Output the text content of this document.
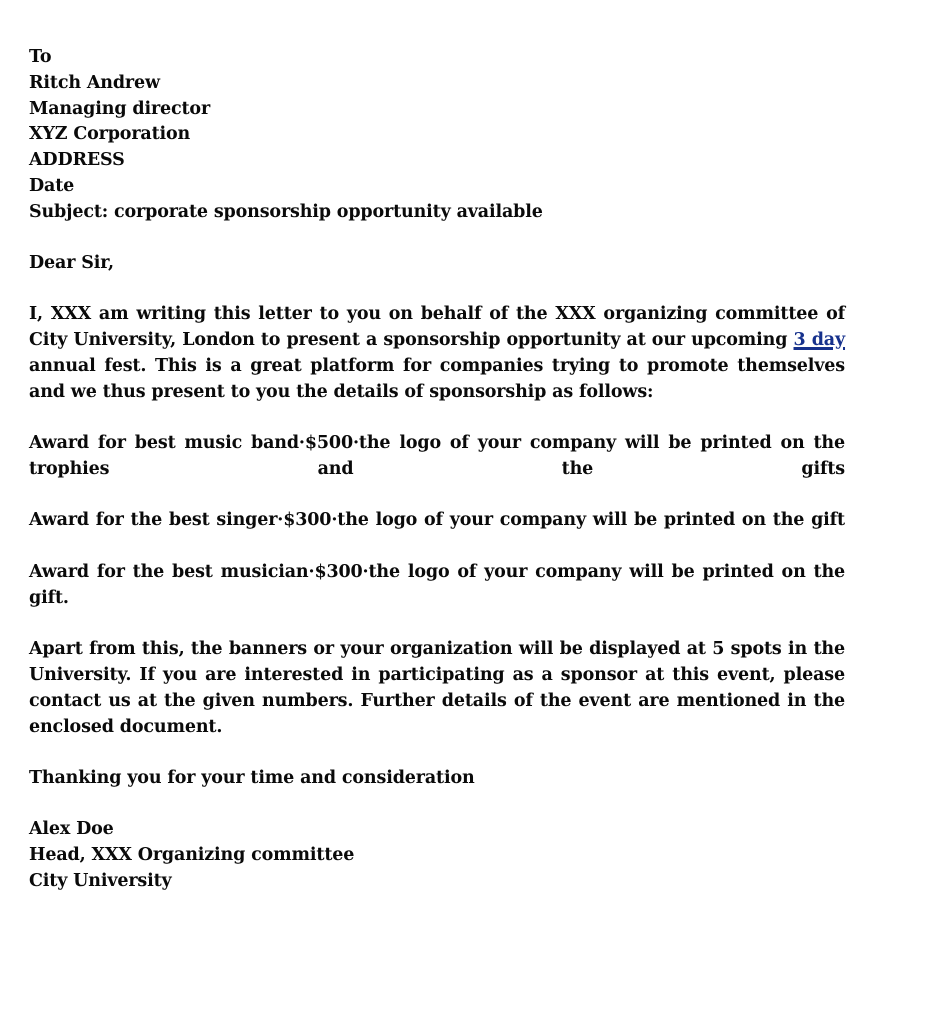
To
Ritch Andrew
Managing director
XYZ Corporation
ADDRESS
Date
Subject: corporate sponsorship opportunity available
Dear Sir,
I, XXX am writing this letter to you on behalf of the XXX organizing committee of City University, London to present a sponsorship opportunity at our upcoming 3 day annual fest. This is a great platform for companies trying to promote themselves and we thus present to you the details of sponsorship as follows:
Award for best music band·$500·the logo of your company will be printed on the trophies and the gifts
Award for the best singer·$300·the logo of your company will be printed on the gift
Award for the best musician·$300·the logo of your company will be printed on the gift.
Apart from this, the banners or your organization will be displayed at 5 spots in the University. If you are interested in participating as a sponsor at this event, please contact us at the given numbers. Further details of the event are mentioned in the enclosed document.
Thanking you for your time and consideration
Alex Doe
Head, XXX Organizing committee
City University
